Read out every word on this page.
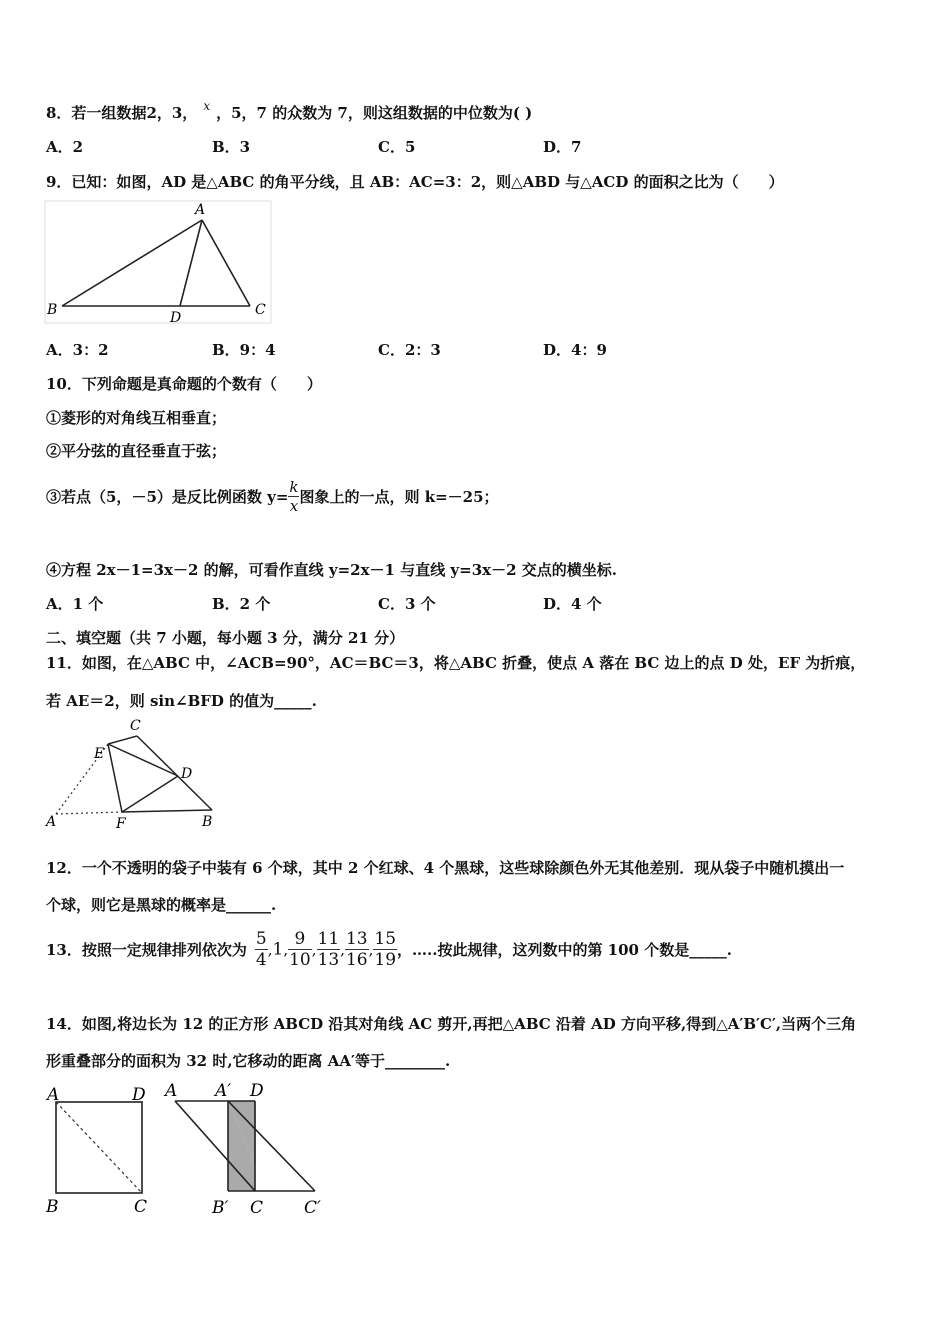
8．若一组数据2，3， $^x$ ，5，7 的众数为 7，则这组数据的中位数为( )
A．2	B．3	C．5	D．7
9．已知：如图，AD 是△ABC 的角平分线，且 AB：AC=3：2，则△ABD 与△ACD 的面积之比为（　　）
A
B	C
D
A．3：2	B．9：4	C．2：3	D．4：9
10．下列命题是真命题的个数有（　　）
①菱形的对角线互相垂直；
②平分弦的直径垂直于弦；
③若点（5，－5）是反比例函数 $y= \frac{k}{x}$ 图象上的一点，则 k=－25；
④方程 2x－1=3x－2 的解，可看作直线 y=2x－1 与直线 y=3x－2 交点的横坐标.
A．1 个	B．2 个	C．3 个	D．4 个
二、填空题（共 7 小题，每小题 3 分，满分 21 分）
11．如图，在△ABC 中，∠ACB=90°，AC＝BC＝3，将△ABC 折叠，使点 A 落在 BC 边上的点 D 处，EF 为折痕，
若 AE＝2，则 sin∠BFD 的值为_____.
C
E
D
A	F	B
12．一个不透明的袋子中装有 6 个球，其中 2 个红球、4 个黑球，这些球除颜色外无其他差别．现从袋子中随机摸出一
个球，则它是黑球的概率是______.
13．按照一定规律排列依次为 $\frac{5}{4} ,1$, $\frac{9}{10}$ , $\frac{11}{13}$ , $\frac{13}{16}$ , $\frac{15}{19}$ ，…..按此规律，这列数中的第 100 个数是_____.
14．如图,将边长为 12 的正方形 ABCD 沿其对角线 AC 剪开,再把△ABC 沿着 AD 方向平移,得到△A′B′C′,当两个三角
形重叠部分的面积为 32 时,它移动的距离 AA′等于________.
A	D
B	C
A A′ D
B′ C C′
